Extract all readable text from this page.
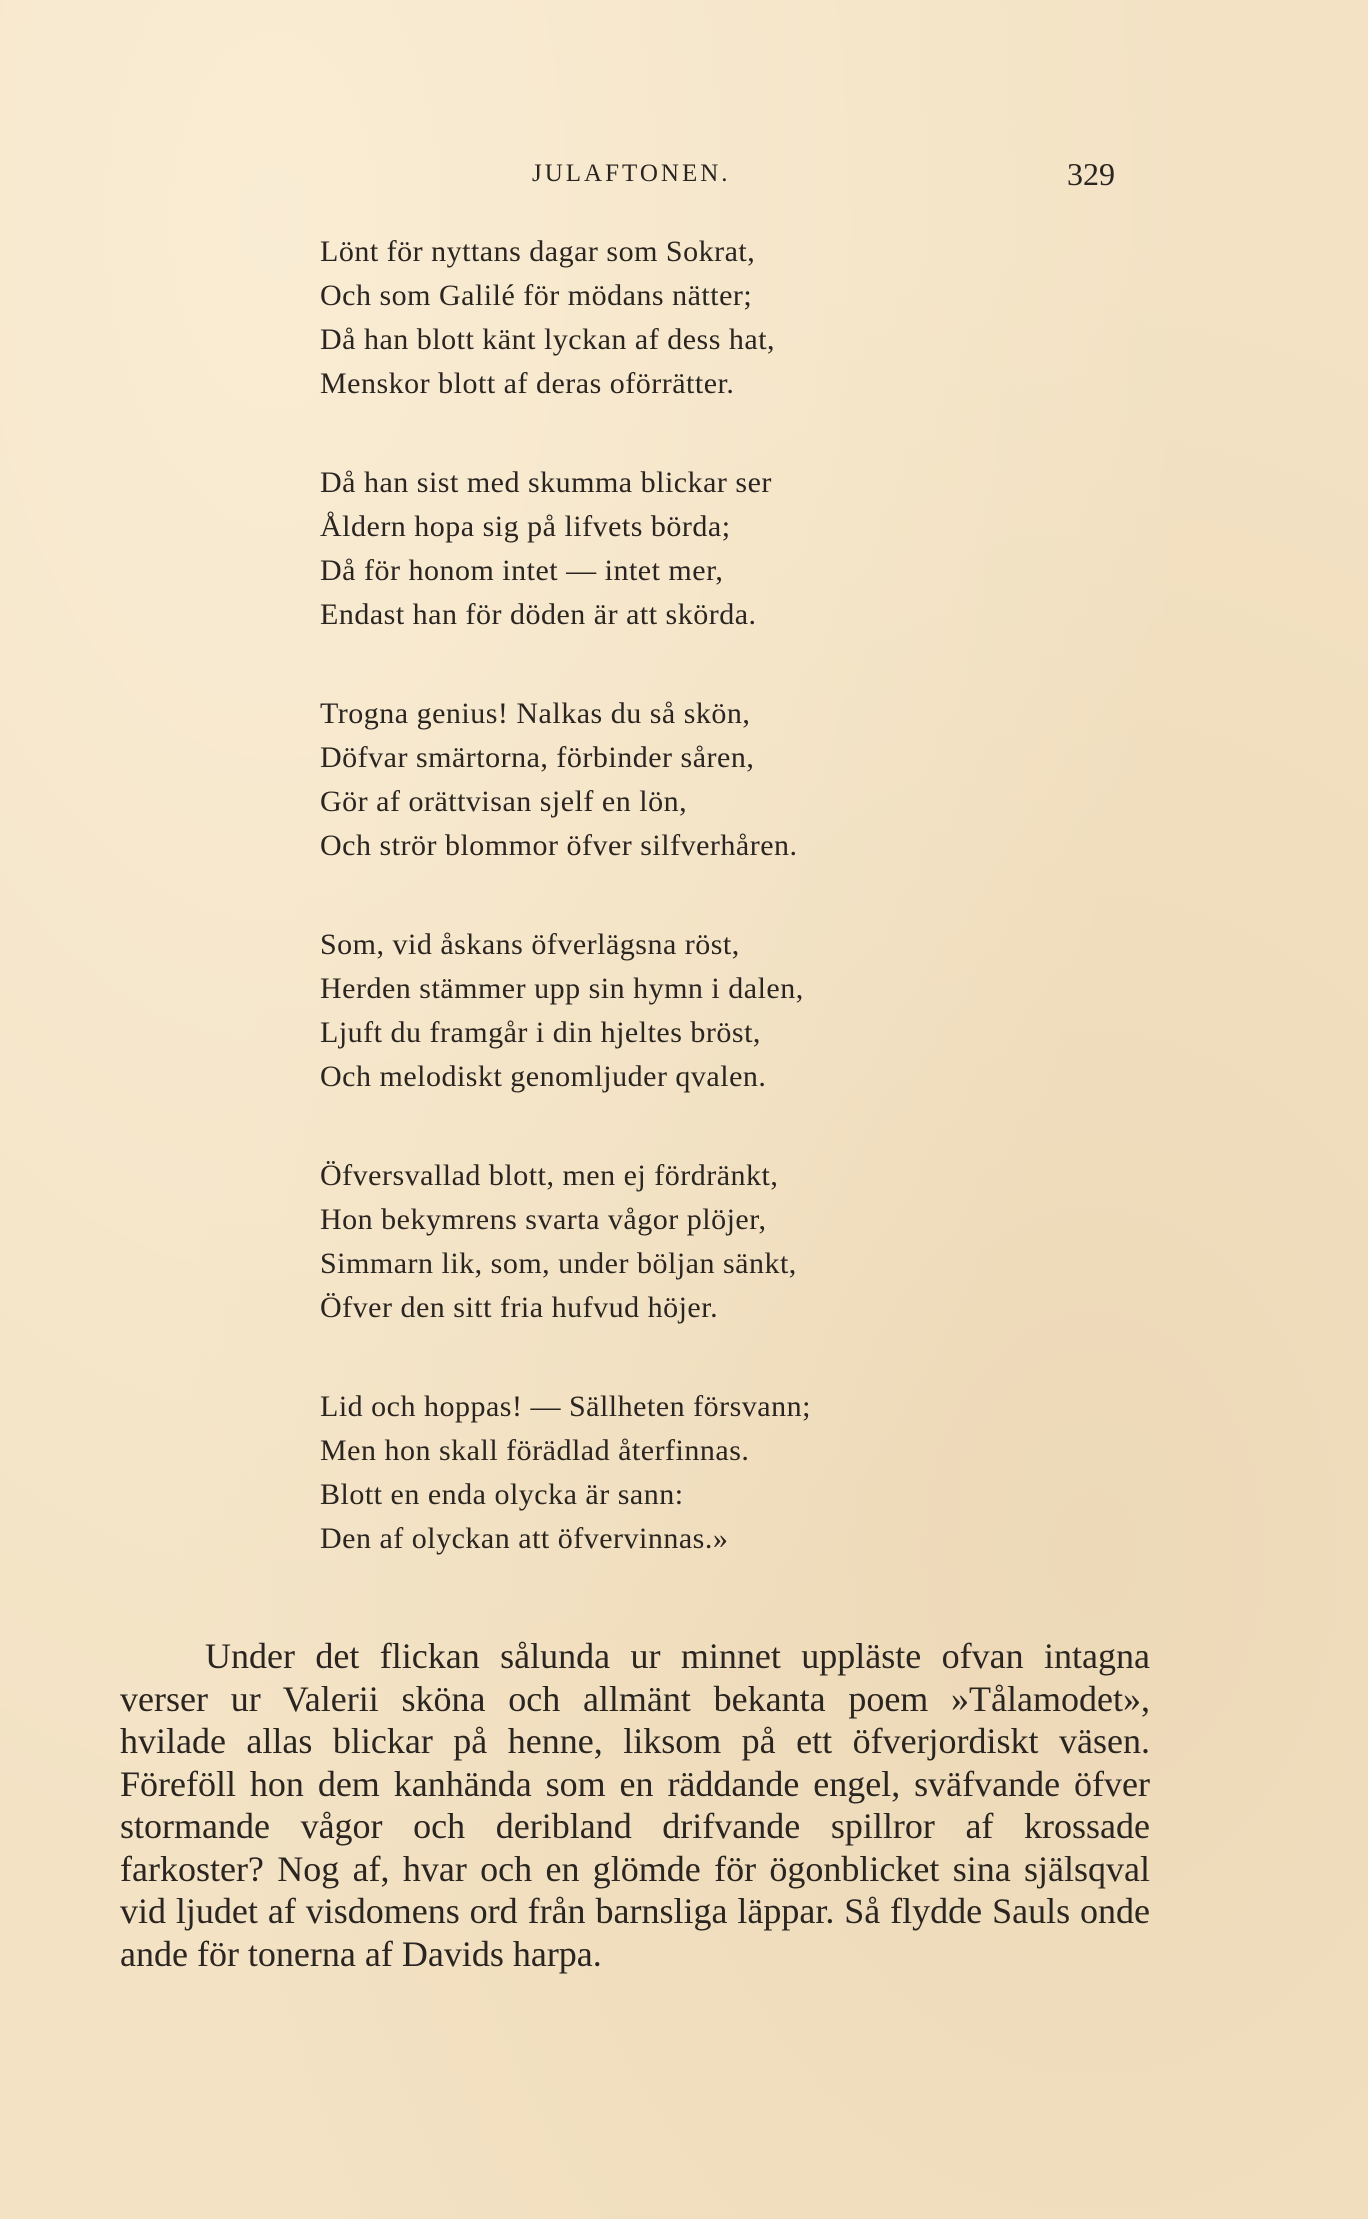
JULAFTONEN.	329
Lönt för nyttans dagar som Sokrat,
Och som Galilé för mödans nätter;
Då han blott känt lyckan af dess hat,
Menskor blott af deras oförrätter.
Då han sist med skumma blickar ser
Åldern hopa sig på lifvets börda;
Då för honom intet — intet mer,
Endast han för döden är att skörda.
Trogna genius! Nalkas du så skön,
Döfvar smärtorna, förbinder såren,
Gör af orättvisan sjelf en lön,
Och strör blommor öfver silfverhåren.
Som, vid åskans öfverlägsna röst,
Herden stämmer upp sin hymn i dalen,
Ljuft du framgår i din hjeltes bröst,
Och melodiskt genomljuder qvalen.
Öfversvallad blott, men ej fördränkt,
Hon bekymrens svarta vågor plöjer,
Simmarn lik, som, under böljan sänkt,
Öfver den sitt fria hufvud höjer.
Lid och hoppas! — Sällheten försvann;
Men hon skall förädlad återfinnas.
Blott en enda olycka är sann:
Den af olyckan att öfvervinnas.»

Under det flickan sålunda ur minnet uppläste ofvan intagna verser ur Valerii sköna och allmänt bekanta poem »Tålamodet», hvilade allas blickar på henne, liksom på ett öfverjordiskt väsen. Föreföll hon dem kanhända som en räddande engel, sväfvande öfver stormande vågor och deribland drifvande spillror af krossade farkoster? Nog af, hvar och en glömde för ögonblicket sina själsqval vid ljudet af visdomens ord från barnsliga läppar. Så flydde Sauls onde ande för tonerna af Davids harpa.
